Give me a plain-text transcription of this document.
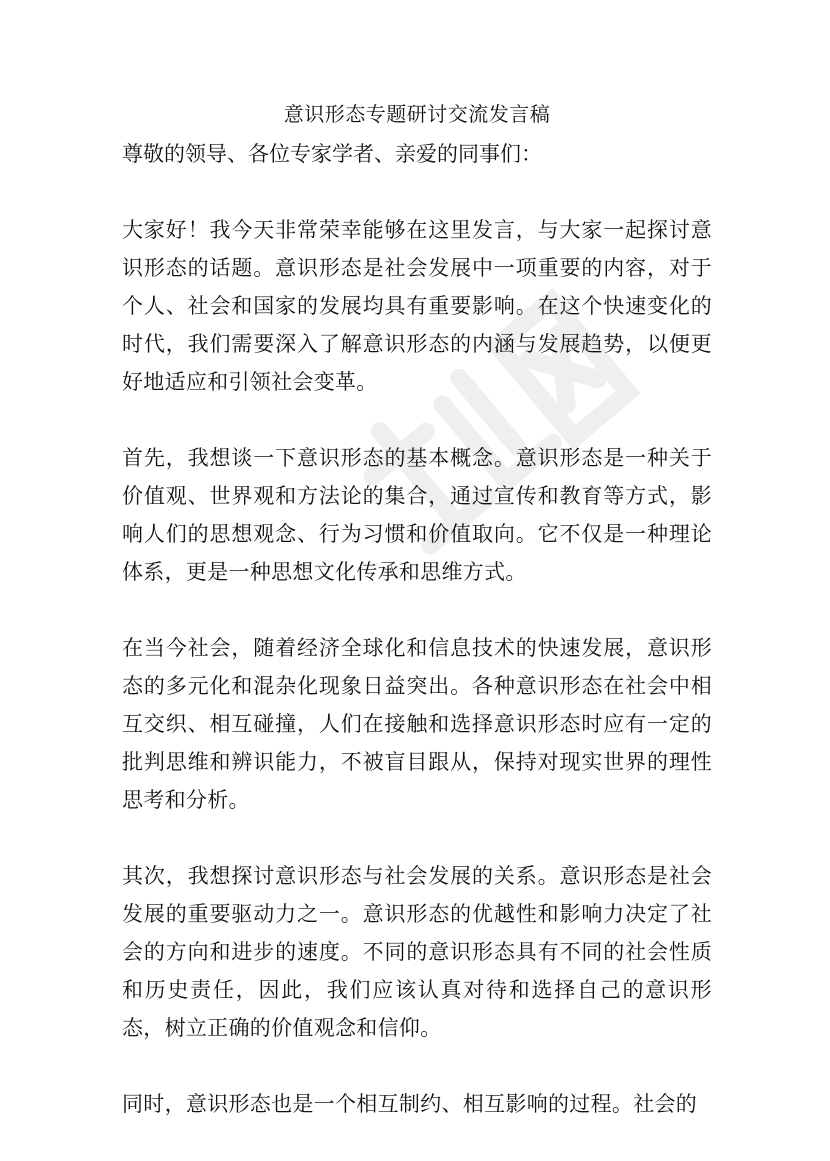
意识形态专题研讨交流发言稿

尊敬的领导、各位专家学者、亲爱的同事们：

大家好！我今天非常荣幸能够在这里发言，与大家一起探讨意识形态的话题。意识形态是社会发展中一项重要的内容，对于个人、社会和国家的发展均具有重要影响。在这个快速变化的时代，我们需要深入了解意识形态的内涵与发展趋势，以便更好地适应和引领社会变革。

首先，我想谈一下意识形态的基本概念。意识形态是一种关于价值观、世界观和方法论的集合，通过宣传和教育等方式，影响人们的思想观念、行为习惯和价值取向。它不仅是一种理论体系，更是一种思想文化传承和思维方式。

在当今社会，随着经济全球化和信息技术的快速发展，意识形态的多元化和混杂化现象日益突出。各种意识形态在社会中相互交织、相互碰撞，人们在接触和选择意识形态时应有一定的批判思维和辨识能力，不被盲目跟从，保持对现实世界的理性思考和分析。

其次，我想探讨意识形态与社会发展的关系。意识形态是社会发展的重要驱动力之一。意识形态的优越性和影响力决定了社会的方向和进步的速度。不同的意识形态具有不同的社会性质和历史责任，因此，我们应该认真对待和选择自己的意识形态，树立正确的价值观念和信仰。

同时，意识形态也是一个相互制约、相互影响的过程。社会的
